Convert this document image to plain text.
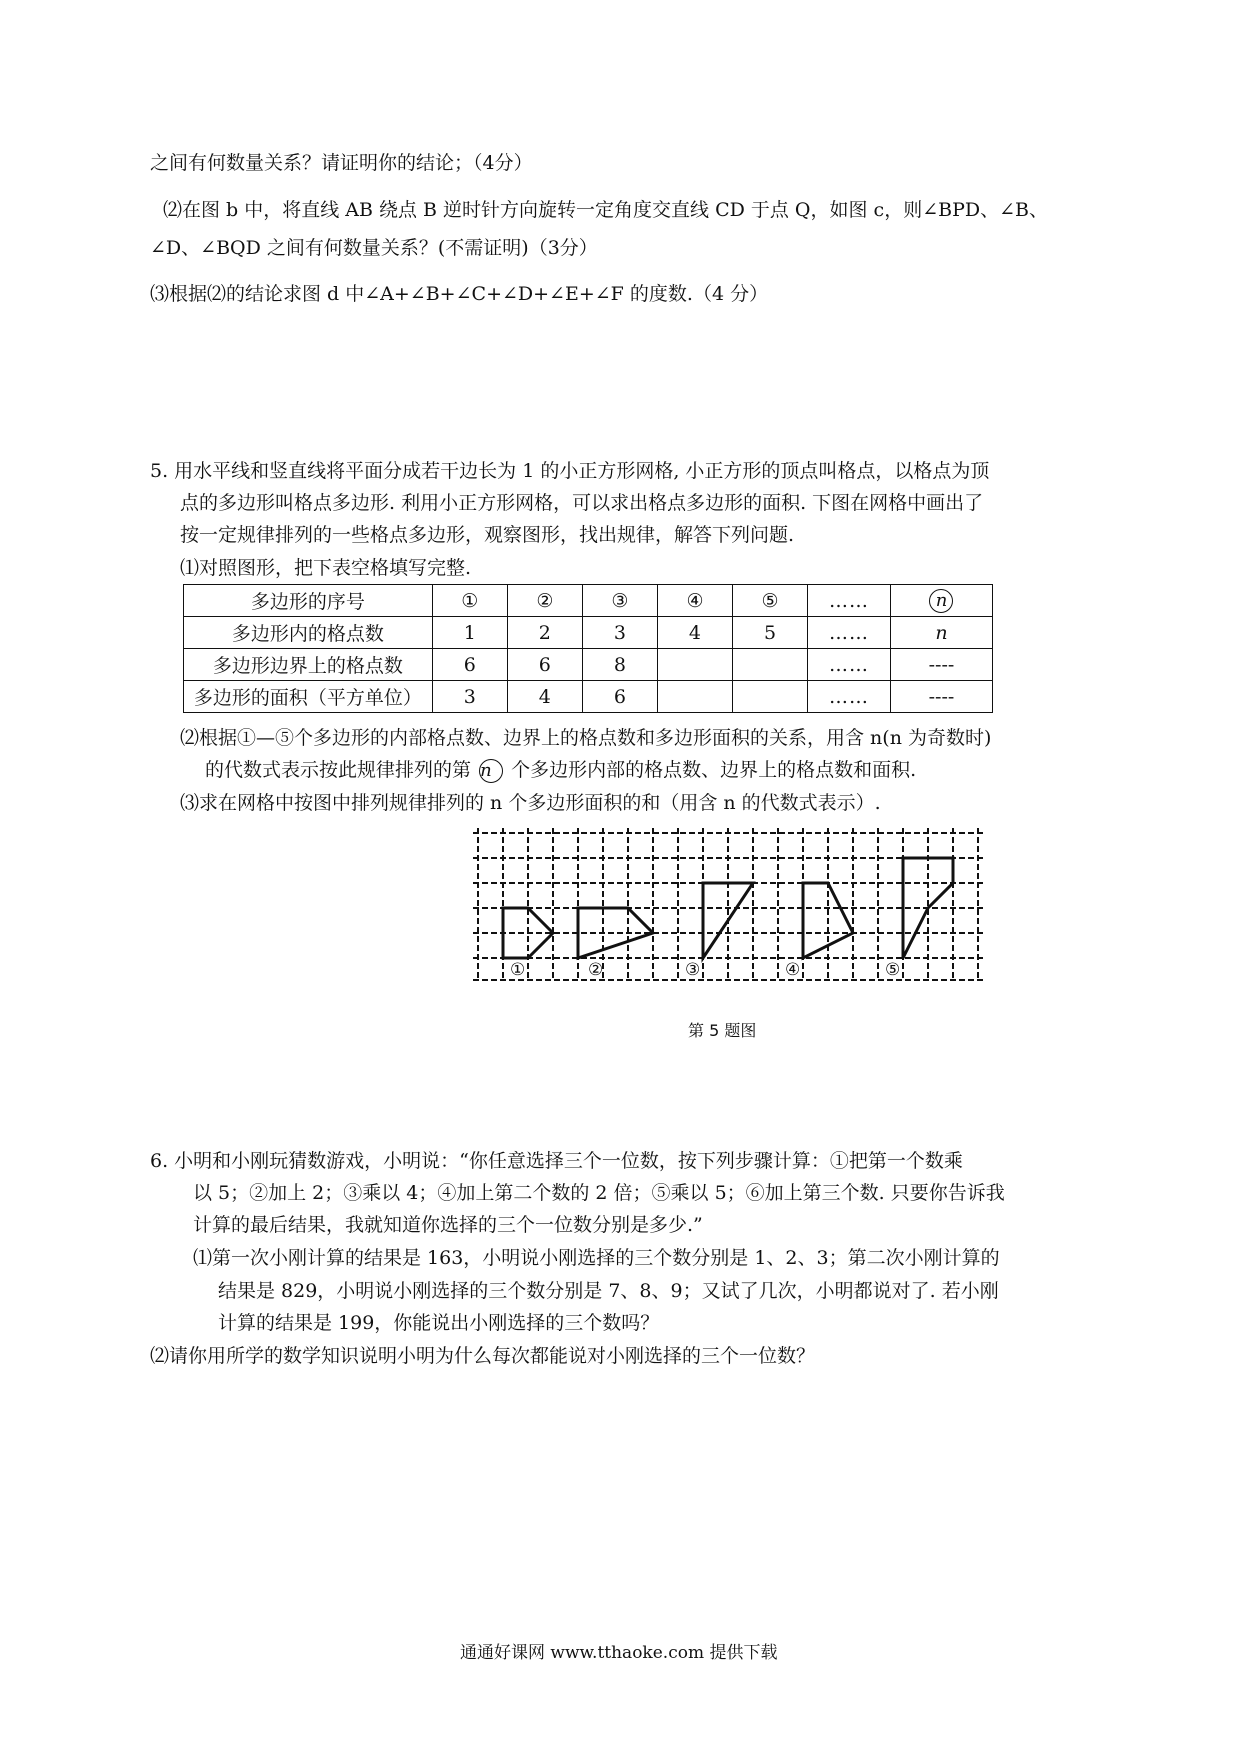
之间有何数量关系？请证明你的结论；（4分）
⑵在图 b 中，将直线 AB 绕点 B 逆时针方向旋转一定角度交直线 CD 于点 Q，如图 c，则∠BPD、∠B、
∠D、∠BQD 之间有何数量关系？(不需证明)（3分）
⑶根据⑵的结论求图 d 中∠A+∠B+∠C+∠D+∠E+∠F 的度数.（4 分）
5. 用水平线和竖直线将平面分成若干边长为 1 的小正方形网格, 小正方形的顶点叫格点，以格点为顶
点的多边形叫格点多边形. 利用小正方形网格，可以求出格点多边形的面积. 下图在网格中画出了
按一定规律排列的一些格点多边形，观察图形，找出规律，解答下列问题.
⑴对照图形，把下表空格填写完整.
多边形的序号	①	②	③	④	⑤	……	n
多边形内的格点数	1	2	3	4	5	……	n
多边形边界上的格点数	6	6	8			……	----
多边形的面积（平方单位）	3	4	6			……	----
⑵根据①—⑤个多边形的内部格点数、边界上的格点数和多边形面积的关系，用含 n(n 为奇数时)
的代数式表示按此规律排列的第 n 个多边形内部的格点数、边界上的格点数和面积.
⑶求在网格中按图中排列规律排列的 n 个多边形面积的和（用含 n 的代数式表示）.
①	②	③	④	⑤
第 5 题图
6. 小明和小刚玩猜数游戏，小明说：“你任意选择三个一位数，按下列步骤计算：①把第一个数乘
以 5；②加上 2；③乘以 4；④加上第二个数的 2 倍；⑤乘以 5；⑥加上第三个数. 只要你告诉我
计算的最后结果，我就知道你选择的三个一位数分别是多少.”
⑴第一次小刚计算的结果是 163，小明说小刚选择的三个数分别是 1、2、3；第二次小刚计算的
结果是 829，小明说小刚选择的三个数分别是 7、8、9；又试了几次，小明都说对了. 若小刚
计算的结果是 199，你能说出小刚选择的三个数吗？
⑵请你用所学的数学知识说明小明为什么每次都能说对小刚选择的三个一位数？
通通好课网 www.tthaoke.com 提供下载
